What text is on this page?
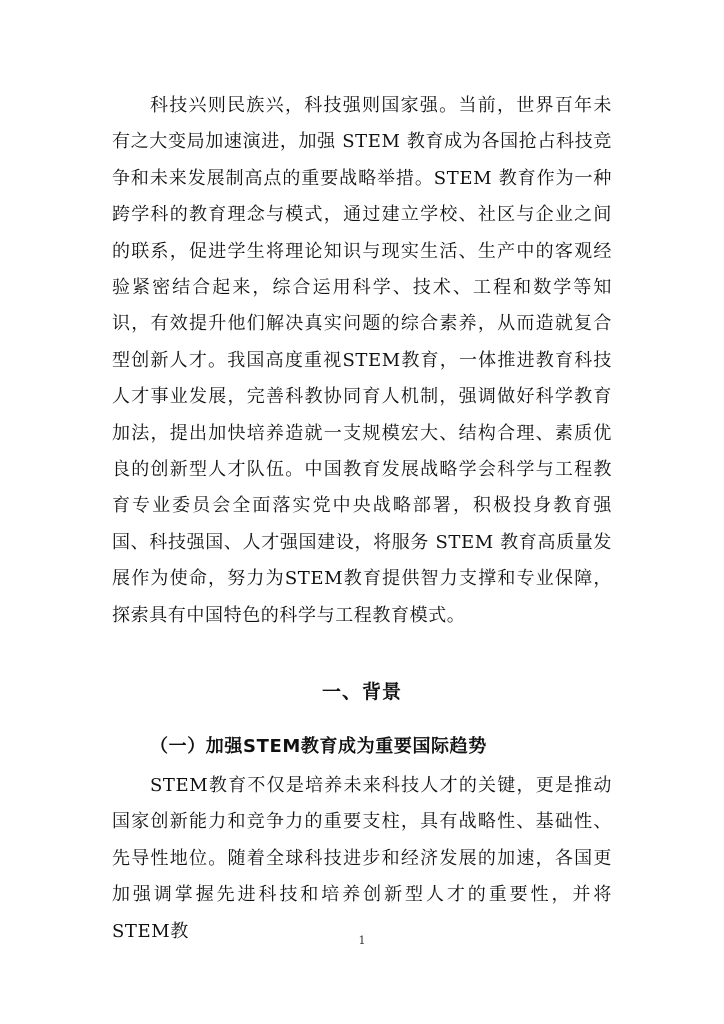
科技兴则民族兴，科技强则国家强。当前，世界百年未有之大变局加速演进，加强 STEM 教育成为各国抢占科技竞争和未来发展制高点的重要战略举措。STEM 教育作为一种跨学科的教育理念与模式，通过建立学校、社区与企业之间的联系，促进学生将理论知识与现实生活、生产中的客观经验紧密结合起来，综合运用科学、技术、工程和数学等知识，有效提升他们解决真实问题的综合素养，从而造就复合型创新人才。我国高度重视STEM教育，一体推进教育科技人才事业发展，完善科教协同育人机制，强调做好科学教育加法，提出加快培养造就一支规模宏大、结构合理、素质优良的创新型人才队伍。中国教育发展战略学会科学与工程教育专业委员会全面落实党中央战略部署，积极投身教育强国、科技强国、人才强国建设，将服务 STEM 教育高质量发展作为使命，努力为STEM教育提供智力支撑和专业保障，探索具有中国特色的科学与工程教育模式。

一、背景
（一）加强STEM教育成为重要国际趋势

STEM教育不仅是培养未来科技人才的关键，更是推动国家创新能力和竞争力的重要支柱，具有战略性、基础性、先导性地位。随着全球科技进步和经济发展的加速，各国更加强调掌握先进科技和培养创新型人才的重要性，并将STEM教	1
